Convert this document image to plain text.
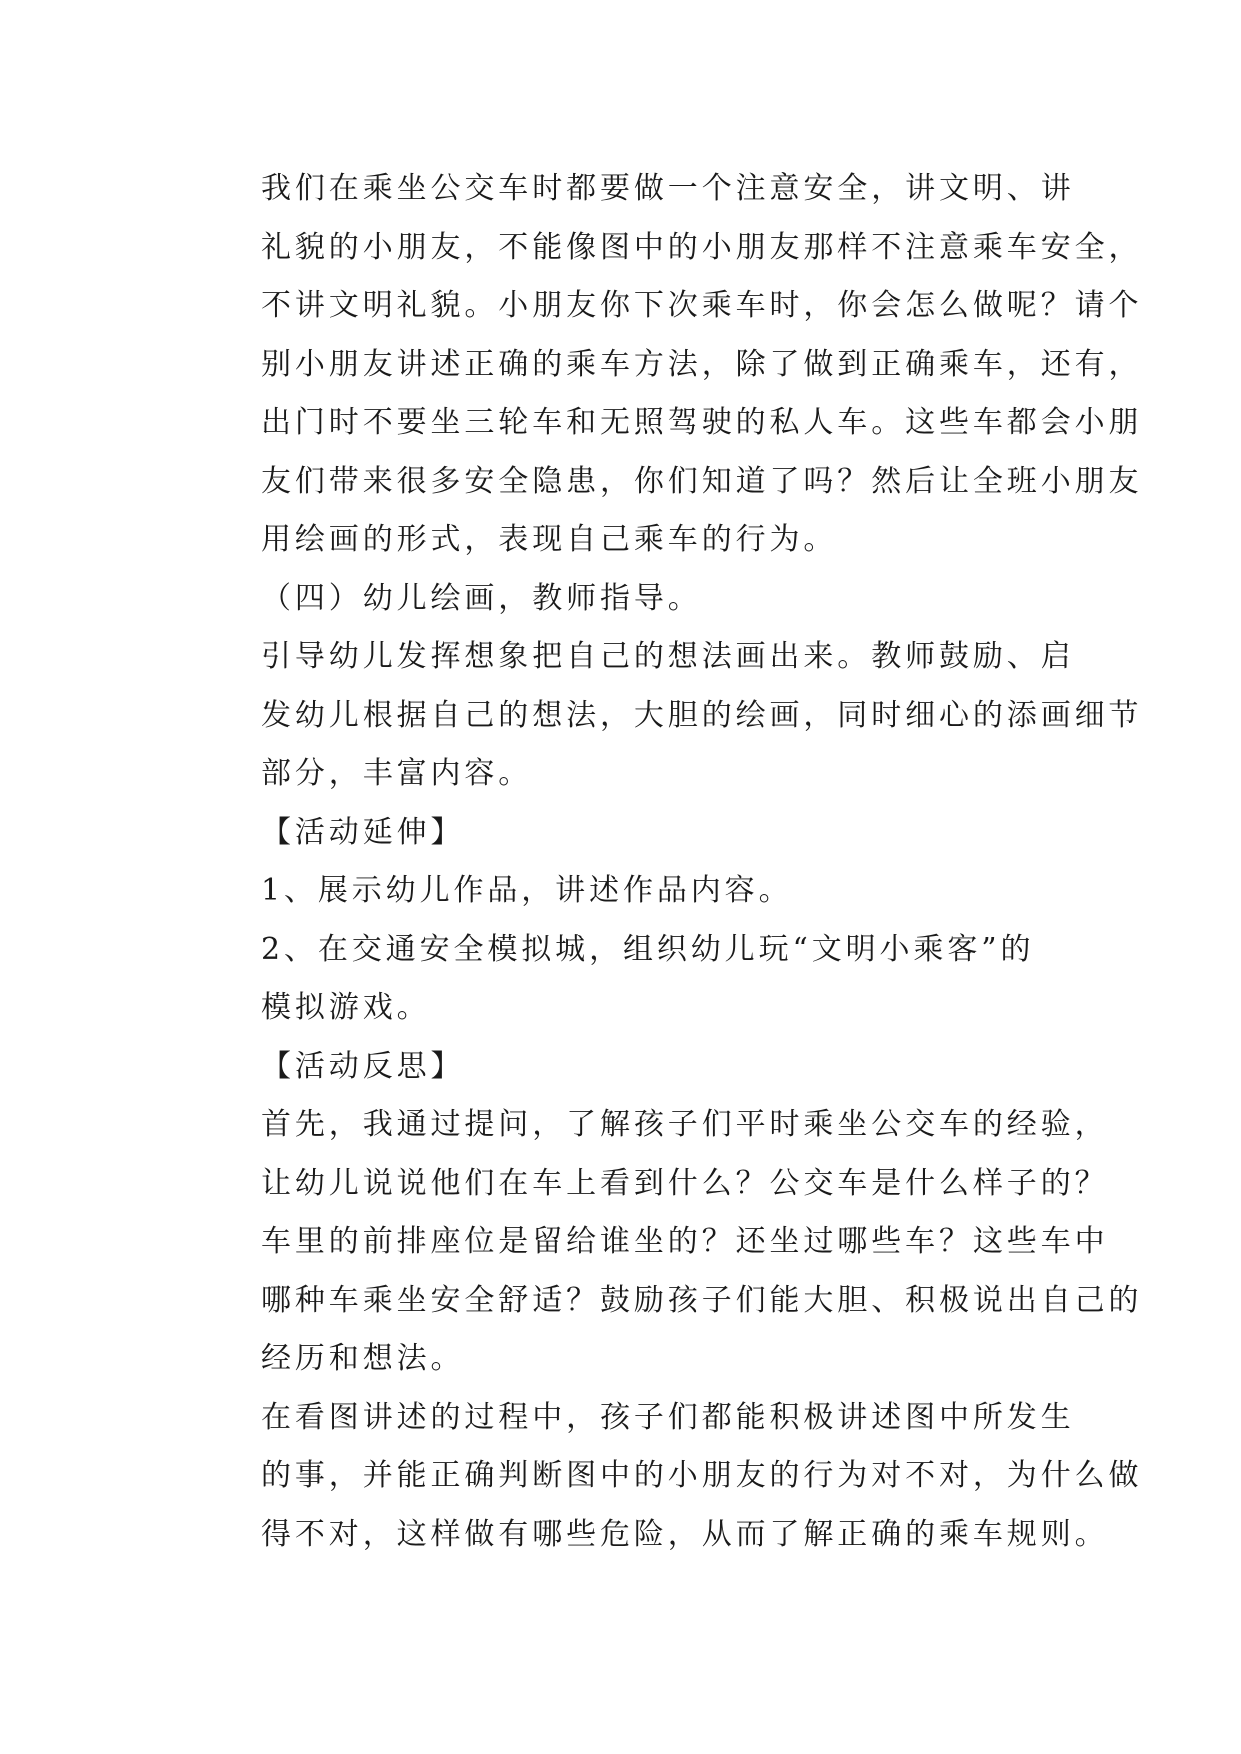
我们在乘坐公交车时都要做一个注意安全，讲文明、讲
礼貌的小朋友，不能像图中的小朋友那样不注意乘车安全，
不讲文明礼貌。小朋友你下次乘车时，你会怎么做呢？请个
别小朋友讲述正确的乘车方法，除了做到正确乘车，还有，
出门时不要坐三轮车和无照驾驶的私人车。这些车都会小朋
友们带来很多安全隐患，你们知道了吗？然后让全班小朋友
用绘画的形式，表现自己乘车的行为。

（四）幼儿绘画，教师指导。

引导幼儿发挥想象把自己的想法画出来。教师鼓励、启
发幼儿根据自己的想法，大胆的绘画，同时细心的添画细节
部分，丰富内容。

【活动延伸】

1、展示幼儿作品，讲述作品内容。

2、在交通安全模拟城，组织幼儿玩“文明小乘客”的
模拟游戏。

【活动反思】

首先，我通过提问，了解孩子们平时乘坐公交车的经验，
让幼儿说说他们在车上看到什么？公交车是什么样子的？
车里的前排座位是留给谁坐的？还坐过哪些车？这些车中
哪种车乘坐安全舒适？鼓励孩子们能大胆、积极说出自己的
经历和想法。

在看图讲述的过程中，孩子们都能积极讲述图中所发生
的事，并能正确判断图中的小朋友的行为对不对，为什么做
得不对，这样做有哪些危险，从而了解正确的乘车规则。
